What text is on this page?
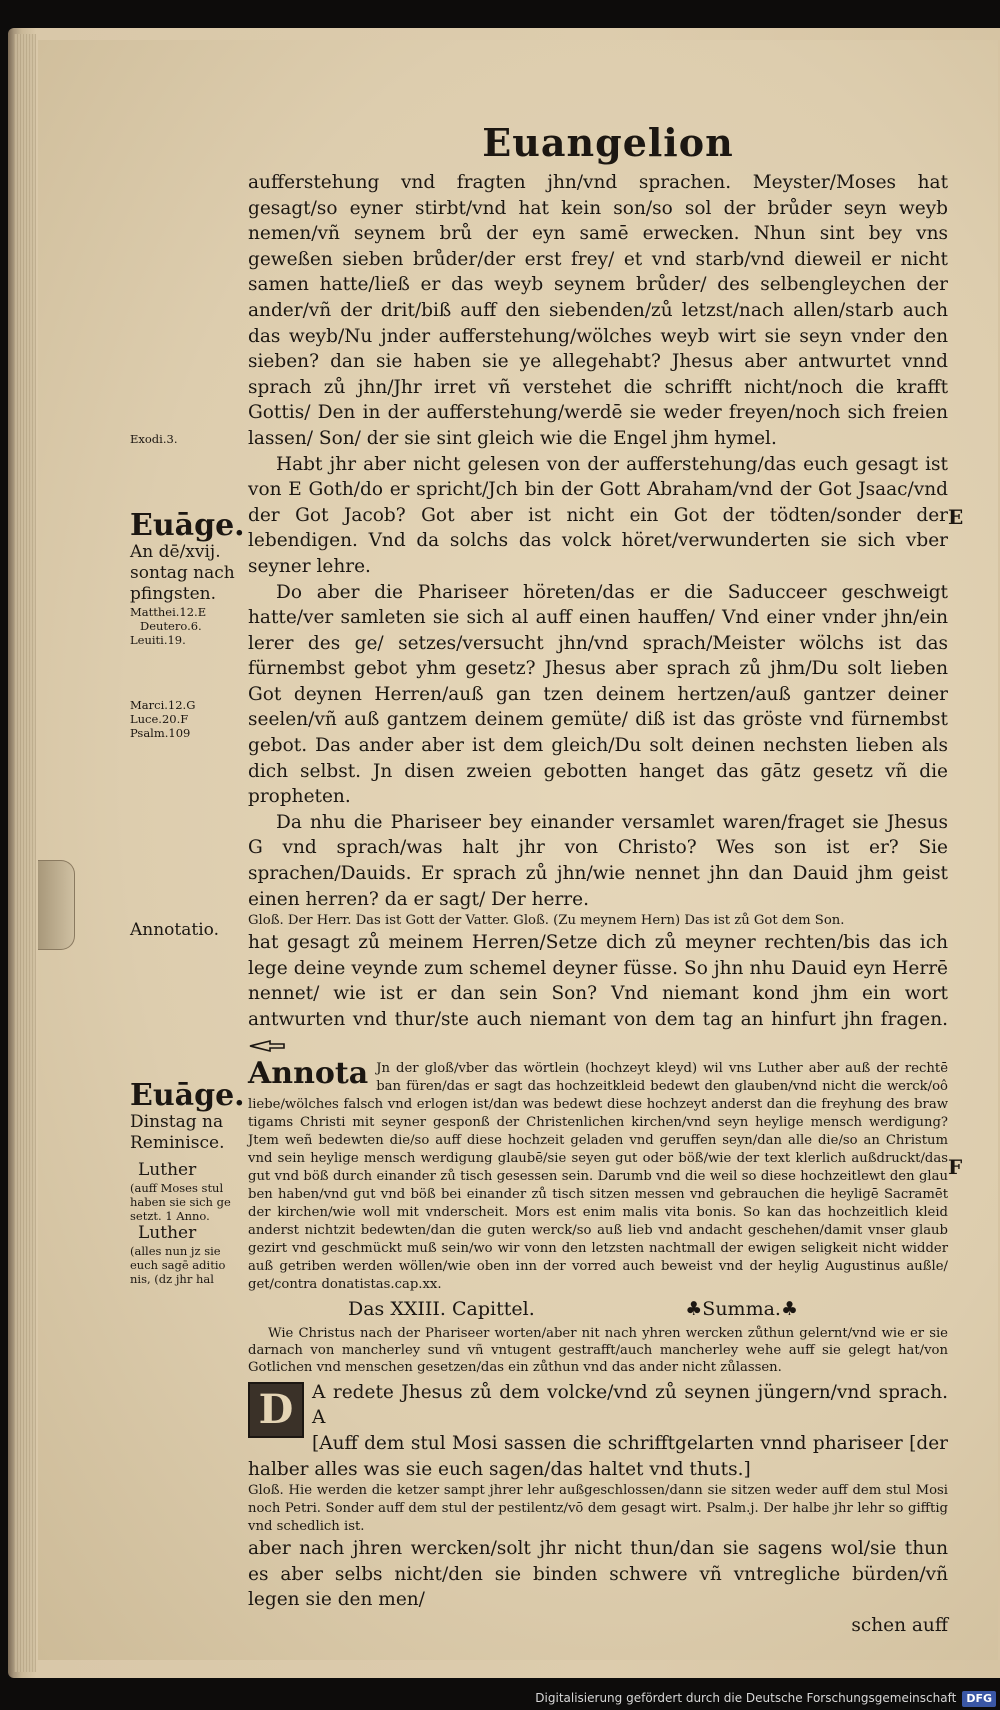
Euangelion
Exodi.3.
Euāge.
An dē/xvij.
sontag nach
pfingsten.
Matthei.12.E
Deutero.6.
Leuiti.19.
Marci.12.G
Luce.20.F
Psalm.109
Annotatio.
Euāge.
Dinstag na
Reminisce.
Luther
(auff Moses stul
haben sie sich ge
setzt. 1 Anno.
Luther
(alles nun jz sie
euch sagē aditio
nis, (dz jhr hal
E
F

aufferstehung vnd fragten jhn/vnd sprachen. Meyster/Moses hat gesagt/so eyner stirbt/vnd hat kein son/so sol der brůder seyn weyb nemen/vñ seynem brů der eyn samē erwecken. Nhun sint bey vns geweßen sieben brůder/der erst frey/ et vnd starb/vnd dieweil er nicht samen hatte/ließ er das weyb seynem brůder/ des selbengleychen der ander/vñ der drit/biß auff den siebenden/zů letzst/nach allen/starb auch das weyb/Nu jnder aufferstehung/wölches weyb wirt sie seyn vnder den sieben? dan sie haben sie ye allegehabt? Jhesus aber antwurtet vnnd sprach zů jhn/Jhr irret vñ verstehet die schrifft nicht/noch die krafft Gottis/ Den in der aufferstehung/werdē sie weder freyen/noch sich freien lassen/ Son/ der sie sint gleich wie die Engel jhm hymel.

Habt jhr aber nicht gelesen von der aufferstehung/das euch gesagt ist von E Goth/do er spricht/Jch bin der Gott Abraham/vnd der Got Jsaac/vnd der Got Jacob? Got aber ist nicht ein Got der tödten/sonder der lebendigen. Vnd da solchs das volck höret/verwunderten sie sich vber seyner lehre.

Do aber die Phariseer höreten/das er die Saducceer geschweigt hatte/ver samleten sie sich al auff einen hauffen/ Vnd einer vnder jhn/ein lerer des ge/ setzes/versucht jhn/vnd sprach/Meister wölchs ist das fürnembst gebot yhm gesetz? Jhesus aber sprach zů jhm/Du solt lieben Got deynen Herren/auß gan tzen deinem hertzen/auß gantzer deiner seelen/vñ auß gantzem deinem gemüte/ diß ist das gröste vnd fürnembst gebot. Das ander aber ist dem gleich/Du solt deinen nechsten lieben als dich selbst. Jn disen zweien gebotten hanget das gātz gesetz vñ die propheten.

Da nhu die Phariseer bey einander versamlet waren/fraget sie Jhesus G vnd sprach/was halt jhr von Christo? Wes son ist er? Sie sprachen/Dauids. Er sprach zů jhn/wie nennet jhn dan Dauid jhm geist einen herren? da er sagt/ Der herre.

Gloß. Der Herr. Das ist Gott der Vatter. Gloß. (Zu meynem Hern) Das ist zů Got dem Son.

hat gesagt zů meinem Herren/Setze dich zů meyner rechten/bis das ich lege deine veynde zum schemel deyner füsse. So jhn nhu Dauid eyn Herrē nennet/ wie ist er dan sein Son? Vnd niemant kond jhm ein wort antwurten vnd thur/ste auch niemant von dem tag an hinfurt jhn fragen.

Annota Jn der gloß/vber das wörtlein (hochzeyt kleyd) wil vns Luther aber auß der rechtē ban füren/das er sagt das hochzeitkleid bedewt den glauben/vnd nicht die werck/oô liebe/wölches falsch vnd erlogen ist/dan was bedewt diese hochzeyt anderst dan die freyhung des braw tigams Christi mit seyner gesponß der Christenlichen kirchen/vnd seyn heylige mensch werdigung? Jtem weñ bedewten die/so auff diese hochzeit geladen vnd geruffen seyn/dan alle die/so an Christum vnd sein heylige mensch werdigung glaubē/sie seyen gut oder böß/wie der text klerlich außdruckt/das gut vnd böß durch einander zů tisch gesessen sein. Darumb vnd die weil so diese hochzeitlewt den glau ben haben/vnd gut vnd böß bei einander zů tisch sitzen messen vnd gebrauchen die heyligē Sacramēt der kirchen/wie woll mit vnderscheit. Mors est enim malis vita bonis. So kan das hochzeitlich kleid anderst nichtzit bedewten/dan die guten werck/so auß lieb vnd andacht geschehen/damit vnser glaub gezirt vnd geschmückt muß sein/wo wir vonn den letzsten nachtmall der ewigen seligkeit nicht widder auß getriben werden wöllen/wie oben inn der vorred auch beweist vnd der heylig Augustinus außle/ get/contra donatistas.cap.xx.

Das XXIII. Capittel.	♣Summa.♣

Wie Christus nach der Phariseer worten/aber nit nach yhren wercken zůthun gelernt/vnd wie er sie darnach von mancherley sund vñ vntugent gestrafft/auch mancherley wehe auff sie gelegt hat/von Gotlichen vnd menschen gesetzen/das ein zůthun vnd das ander nicht zůlassen.

D	A redete Jhesus zů dem volcke/vnd zů seynen jüngern/vnd sprach. A

[Auff dem stul Mosi sassen die schrifftgelarten vnnd phariseer [der halber alles was sie euch sagen/das haltet vnd thuts.]

Gloß. Hie werden die ketzer sampt jhrer lehr außgeschlossen/dann sie sitzen weder auff dem stul Mosi noch Petri. Sonder auff dem stul der pestilentz/vō dem gesagt wirt. Psalm.j. Der halbe jhr lehr so gifftig vnd schedlich ist.

aber nach jhren wercken/solt jhr nicht thun/dan sie sagens wol/sie thun es aber selbs nicht/den sie binden schwere vñ vntregliche bürden/vñ legen sie den men/

schen auff

Digitalisierung gefördert durch die Deutsche Forschungsgemeinschaft DFG
